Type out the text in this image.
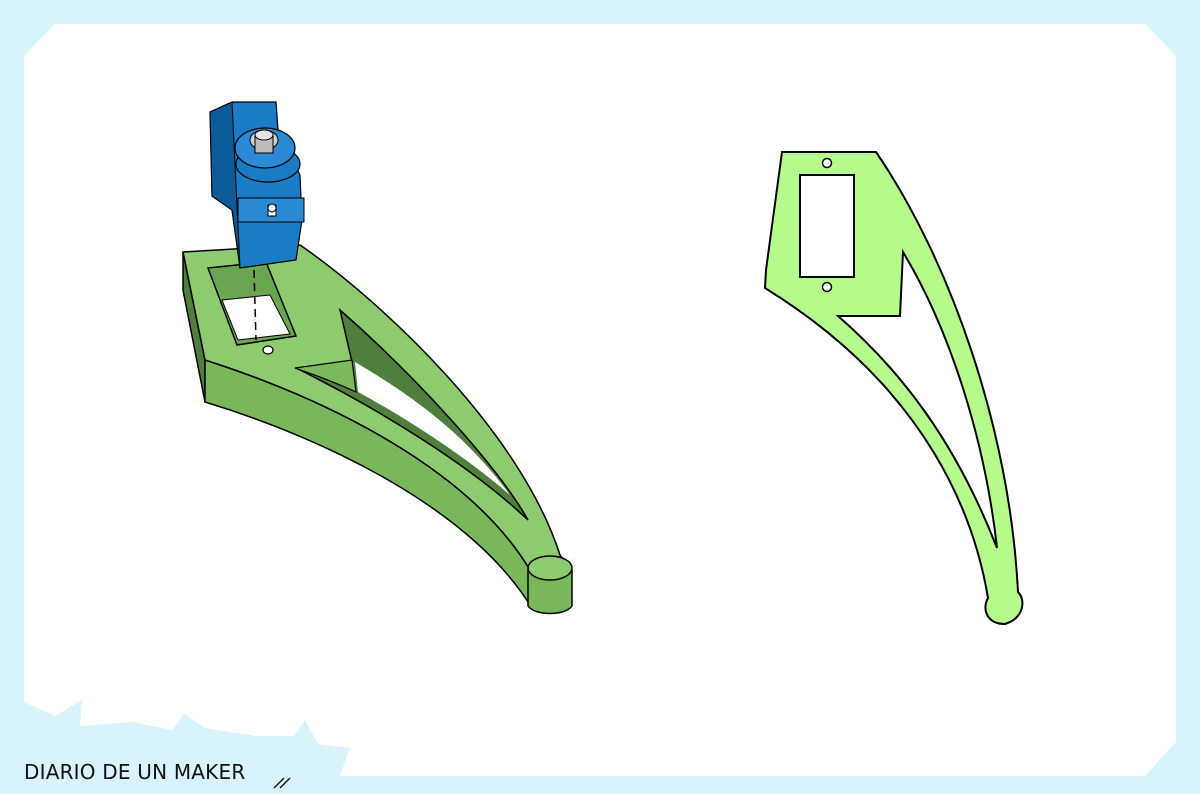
DIARIO DE UN MAKER
